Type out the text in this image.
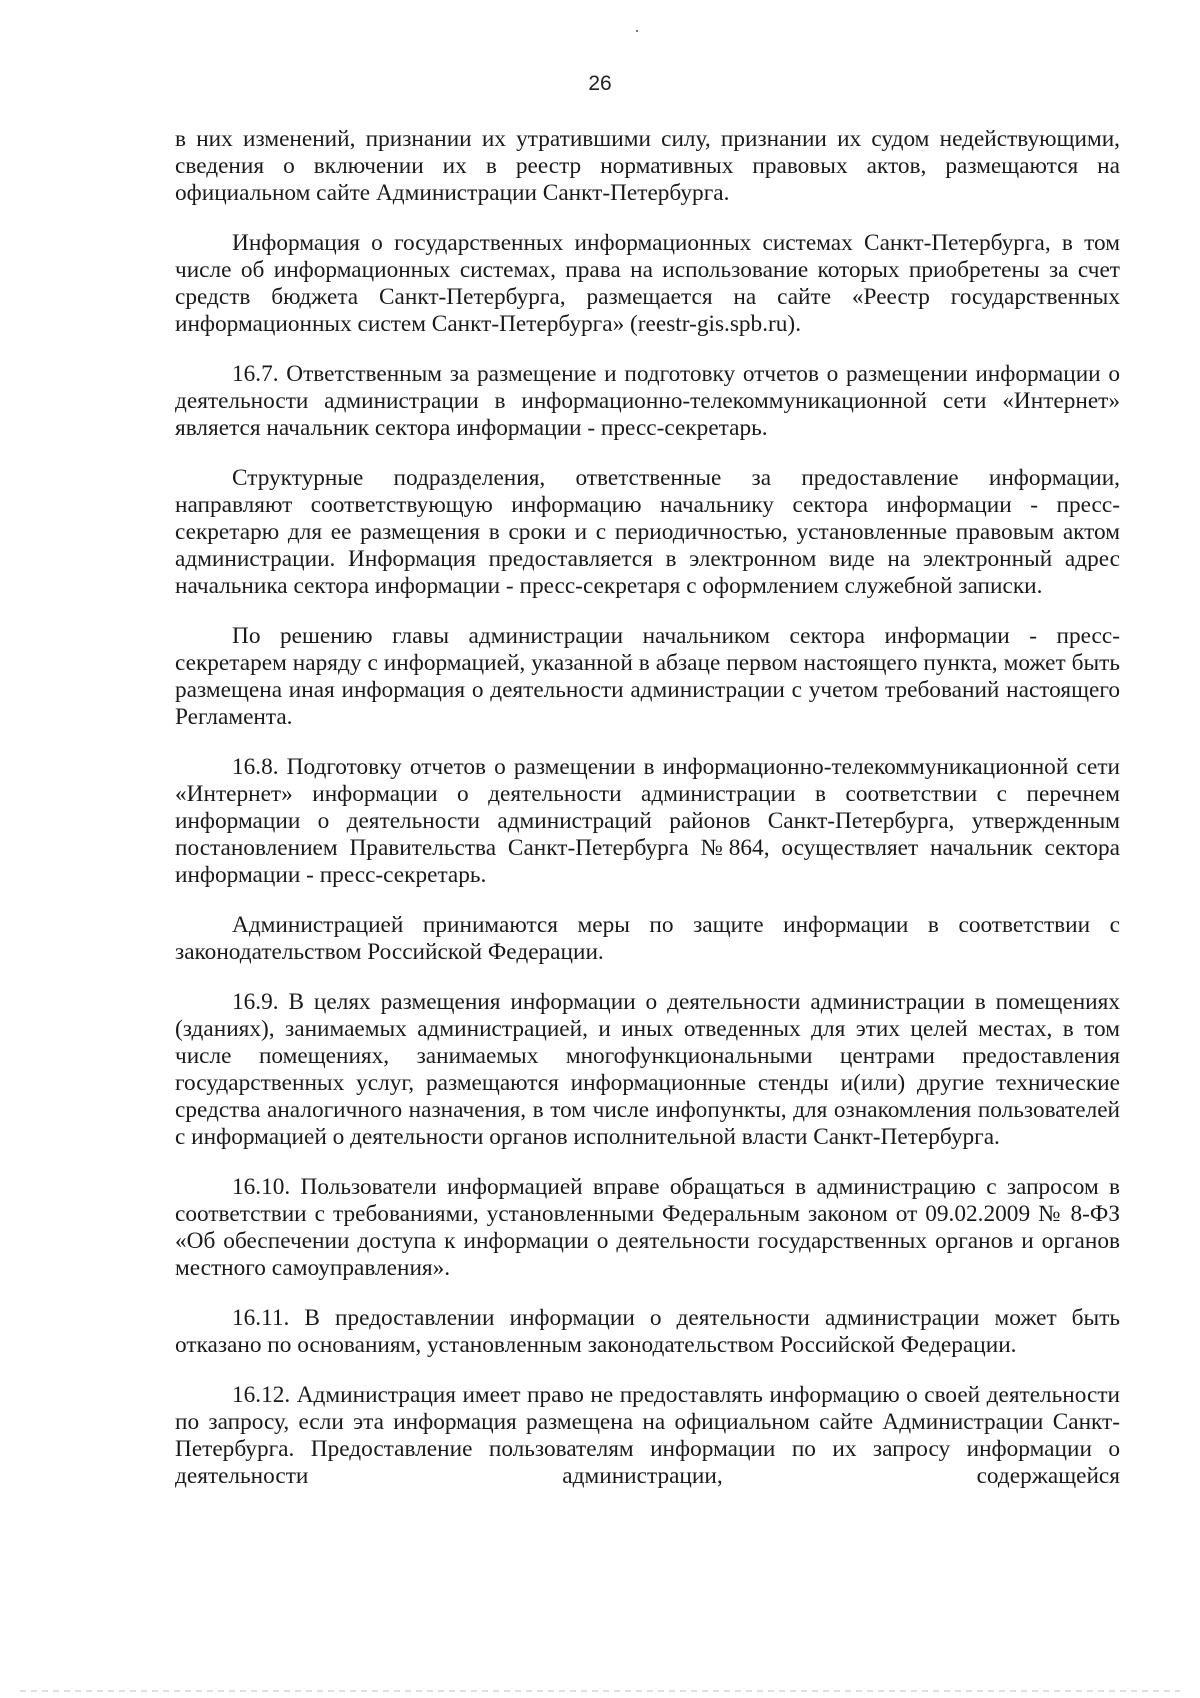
26

в них изменений, признании их утратившими силу, признании их судом недействующими, сведения о включении их в реестр нормативных правовых актов, размещаются на официальном сайте Администрации Санкт-Петербурга.

Информация о государственных информационных системах Санкт-Петербурга, в том числе об информационных системах, права на использование которых приобретены за счет средств бюджета Санкт-Петербурга, размещается на сайте «Реестр государственных информационных систем Санкт-Петербурга» (reestr-gis.spb.ru).

16.7. Ответственным за размещение и подготовку отчетов о размещении информации о деятельности администрации в информационно-телекоммуникационной сети «Интернет» является начальник сектора информации - пресс-секретарь.

Структурные подразделения, ответственные за предоставление информации, направляют соответствующую информацию начальнику сектора информации - пресс-секретарю для ее размещения в сроки и с периодичностью, установленные правовым актом администрации. Информация предоставляется в электронном виде на электронный адрес начальника сектора информации - пресс-секретаря с оформлением служебной записки.

По решению главы администрации начальником сектора информации - пресс-секретарем наряду с информацией, указанной в абзаце первом настоящего пункта, может быть размещена иная информация о деятельности администрации с учетом требований настоящего Регламента.

16.8. Подготовку отчетов о размещении в информационно-телекоммуникационной сети «Интернет» информации о деятельности администрации в соответствии с перечнем информации о деятельности администраций районов Санкт-Петербурга, утвержденным постановлением Правительства Санкт-Петербурга №864, осуществляет начальник сектора информации - пресс-секретарь.

Администрацией принимаются меры по защите информации в соответствии с законодательством Российской Федерации.

16.9. В целях размещения информации о деятельности администрации в помещениях (зданиях), занимаемых администрацией, и иных отведенных для этих целей местах, в том числе помещениях, занимаемых многофункциональными центрами предоставления государственных услуг, размещаются информационные стенды и(или) другие технические средства аналогичного назначения, в том числе инфопункты, для ознакомления пользователей с информацией о деятельности органов исполнительной власти Санкт-Петербурга.

16.10. Пользователи информацией вправе обращаться в администрацию с запросом в соответствии с требованиями, установленными Федеральным законом от 09.02.2009 № 8-ФЗ «Об обеспечении доступа к информации о деятельности государственных органов и органов местного самоуправления».

16.11. В предоставлении информации о деятельности администрации может быть отказано по основаниям, установленным законодательством Российской Федерации.

16.12. Администрация имеет право не предоставлять информацию о своей деятельности по запросу, если эта информация размещена на официальном сайте Администрации Санкт-Петербурга. Предоставление пользователям информации по их запросу информации о деятельности администрации, содержащейся
